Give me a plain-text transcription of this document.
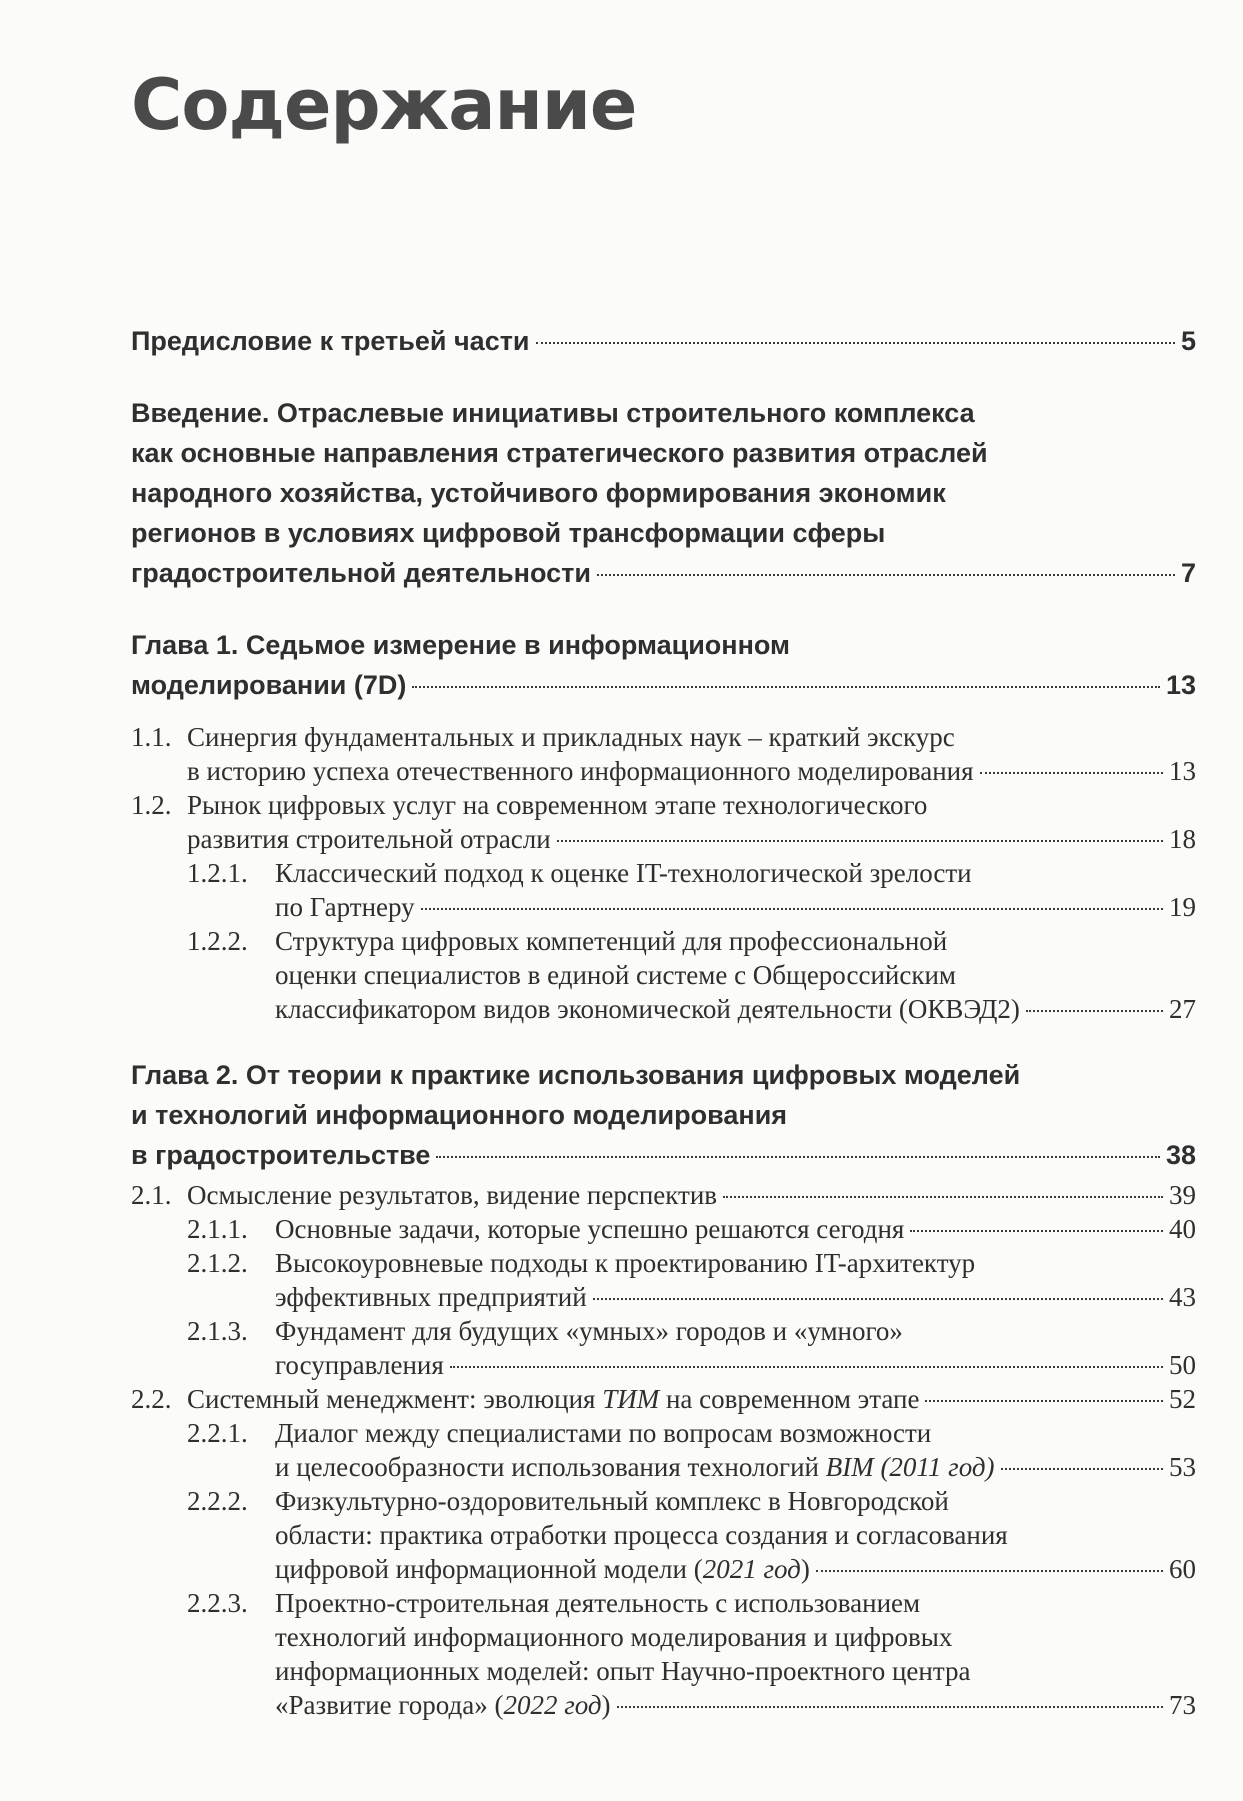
Содержание
Предисловие к третьей части	5
Введение. Отраслевые инициативы строительного комплекса
как основные направления стратегического развития отраслей
народного хозяйства, устойчивого формирования экономик
регионов в условиях цифровой трансформации сферы
градостроительной деятельности	7
Глава 1. Седьмое измерение в информационном
моделировании (7D)	13
1.1. Синергия фундаментальных и прикладных наук – краткий экскурс
в историю успеха отечественного информационного моделирования	13
1.2. Рынок цифровых услуг на современном этапе технологического
развития строительной отрасли	18
1.2.1.	Классический подход к оценке IT-технологической зрелости
по Гартнеру	19
1.2.2.	Структура цифровых компетенций для профессиональной
оценки специалистов в единой системе с Общероссийским
классификатором видов экономической деятельности (ОКВЭД2)	27
Глава 2. От теории к практике использования цифровых моделей
и технологий информационного моделирования
в градостроительстве	38
2.1. Осмысление результатов, видение перспектив	39
2.1.1.	Основные задачи, которые успешно решаются сегодня	40
2.1.2.	Высокоуровневые подходы к проектированию IT-архитектур
эффективных предприятий	43
2.1.3.	Фундамент для будущих «умных» городов и «умного»
госуправления	50
2.2. Системный менеджмент: эволюция ТИМ на современном этапе	52
2.2.1.	Диалог между специалистами по вопросам возможности
и целесообразности использования технологий BIM (2011 год)	53
2.2.2.	Физкультурно-оздоровительный комплекс в Новгородской
области: практика отработки процесса создания и согласования
цифровой информационной модели (2021 год)	60
2.2.3.	Проектно-строительная деятельность с использованием
технологий информационного моделирования и цифровых
информационных моделей: опыт Научно-проектного центра
«Развитие города» (2022 год)	73
